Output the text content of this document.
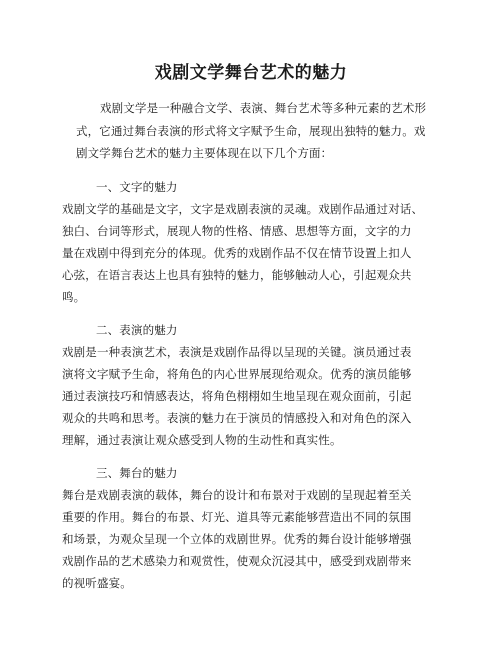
戏剧文学舞台艺术的魅力
戏剧文学是一种融合文学、表演、舞台艺术等多种元素的艺术形
式，它通过舞台表演的形式将文字赋予生命，展现出独特的魅力。戏
剧文学舞台艺术的魅力主要体现在以下几个方面：
一、文字的魅力
戏剧文学的基础是文字，文字是戏剧表演的灵魂。戏剧作品通过对话、
独白、台词等形式，展现人物的性格、情感、思想等方面，文字的力
量在戏剧中得到充分的体现。优秀的戏剧作品不仅在情节设置上扣人
心弦，在语言表达上也具有独特的魅力，能够触动人心，引起观众共
鸣。
二、表演的魅力
戏剧是一种表演艺术，表演是戏剧作品得以呈现的关键。演员通过表
演将文字赋予生命，将角色的内心世界展现给观众。优秀的演员能够
通过表演技巧和情感表达，将角色栩栩如生地呈现在观众面前，引起
观众的共鸣和思考。表演的魅力在于演员的情感投入和对角色的深入
理解，通过表演让观众感受到人物的生动性和真实性。
三、舞台的魅力
舞台是戏剧表演的载体，舞台的设计和布景对于戏剧的呈现起着至关
重要的作用。舞台的布景、灯光、道具等元素能够营造出不同的氛围
和场景，为观众呈现一个立体的戏剧世界。优秀的舞台设计能够增强
戏剧作品的艺术感染力和观赏性，使观众沉浸其中，感受到戏剧带来
的视听盛宴。
